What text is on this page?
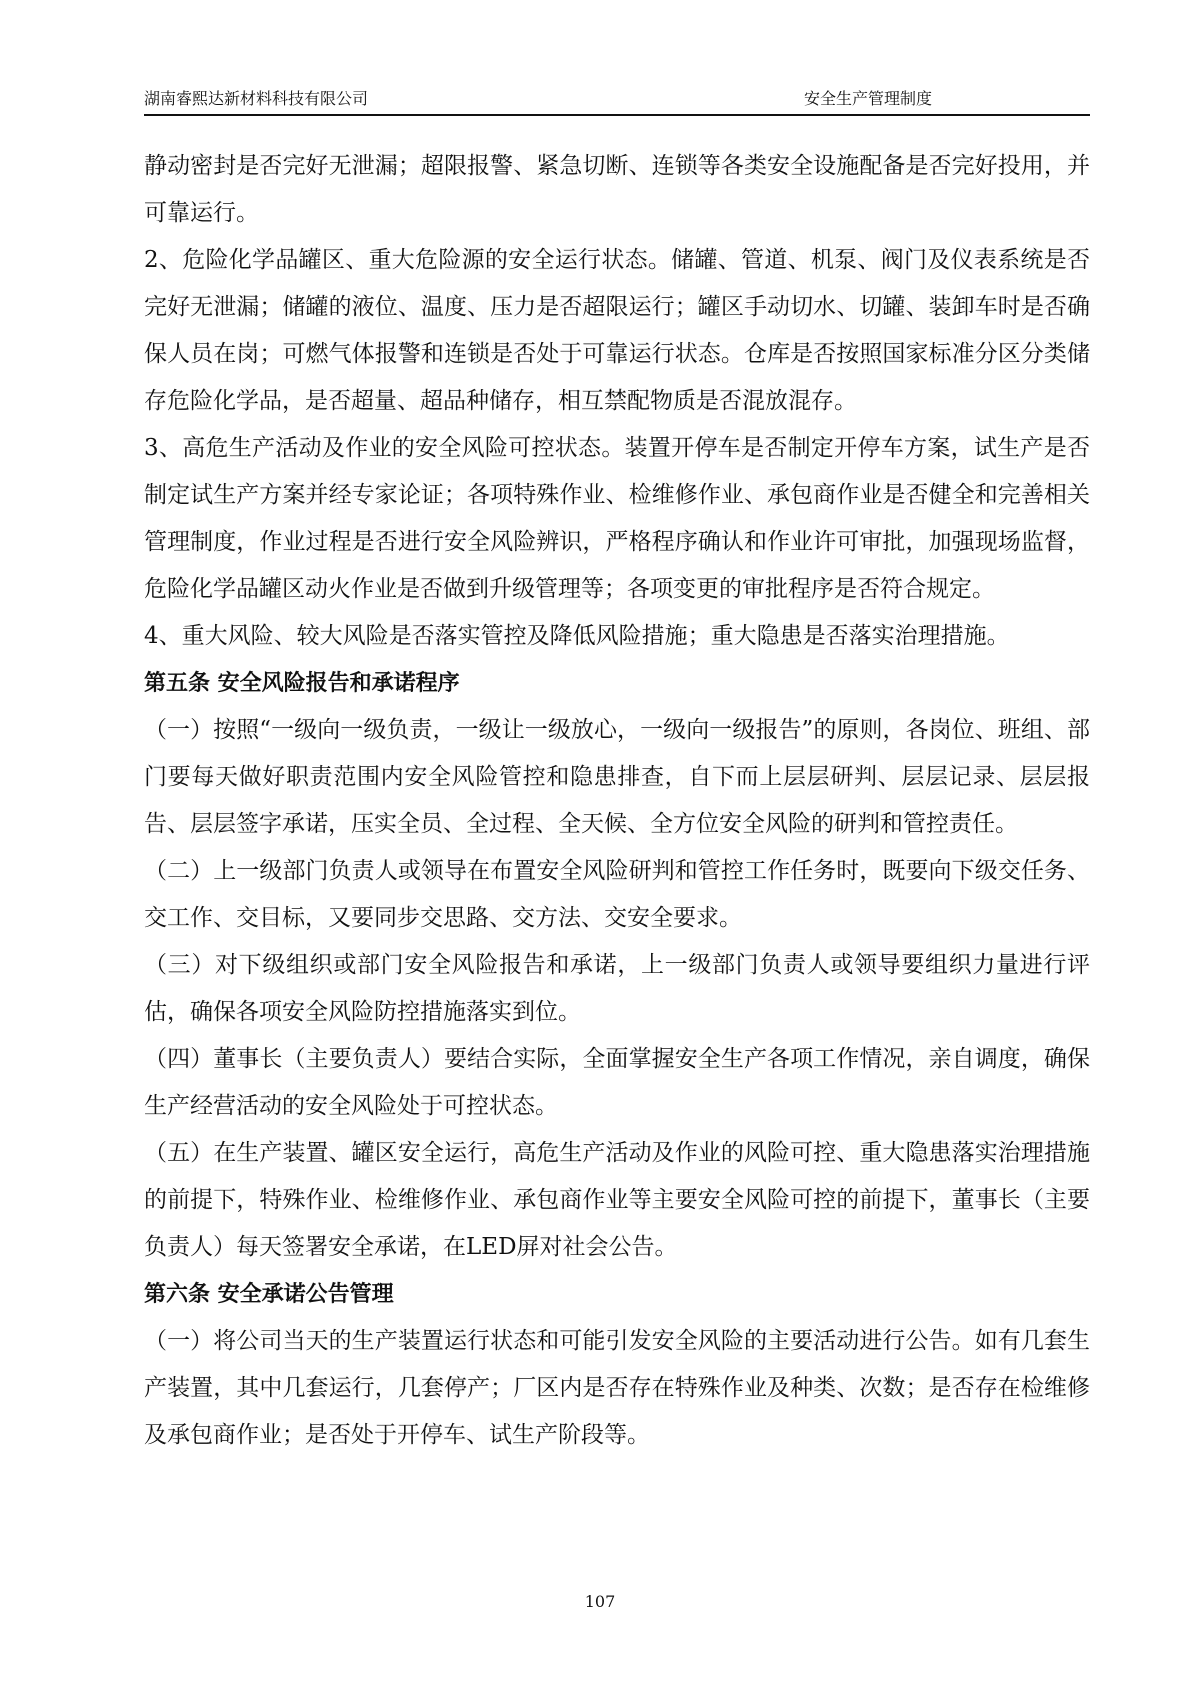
湖南睿熙达新材料科技有限公司	安全生产管理制度

静动密封是否完好无泄漏；超限报警、紧急切断、连锁等各类安全设施配备是否完好投用，并可靠运行。

2、危险化学品罐区、重大危险源的安全运行状态。储罐、管道、机泵、阀门及仪表系统是否完好无泄漏；储罐的液位、温度、压力是否超限运行；罐区手动切水、切罐、装卸车时是否确保人员在岗；可燃气体报警和连锁是否处于可靠运行状态。仓库是否按照国家标准分区分类储存危险化学品，是否超量、超品种储存，相互禁配物质是否混放混存。

3、高危生产活动及作业的安全风险可控状态。装置开停车是否制定开停车方案，试生产是否制定试生产方案并经专家论证；各项特殊作业、检维修作业、承包商作业是否健全和完善相关管理制度，作业过程是否进行安全风险辨识，严格程序确认和作业许可审批，加强现场监督，危险化学品罐区动火作业是否做到升级管理等；各项变更的审批程序是否符合规定。

4、重大风险、较大风险是否落实管控及降低风险措施；重大隐患是否落实治理措施。

第五条 安全风险报告和承诺程序

（一）按照“一级向一级负责，一级让一级放心，一级向一级报告”的原则，各岗位、班组、部门要每天做好职责范围内安全风险管控和隐患排查，自下而上层层研判、层层记录、层层报告、层层签字承诺，压实全员、全过程、全天候、全方位安全风险的研判和管控责任。

（二）上一级部门负责人或领导在布置安全风险研判和管控工作任务时，既要向下级交任务、交工作、交目标，又要同步交思路、交方法、交安全要求。

（三）对下级组织或部门安全风险报告和承诺，上一级部门负责人或领导要组织力量进行评估，确保各项安全风险防控措施落实到位。

（四）董事长（主要负责人）要结合实际，全面掌握安全生产各项工作情况，亲自调度，确保生产经营活动的安全风险处于可控状态。

（五）在生产装置、罐区安全运行，高危生产活动及作业的风险可控、重大隐患落实治理措施的前提下，特殊作业、检维修作业、承包商作业等主要安全风险可控的前提下，董事长（主要负责人）每天签署安全承诺，在LED屏对社会公告。

第六条 安全承诺公告管理

（一）将公司当天的生产装置运行状态和可能引发安全风险的主要活动进行公告。如有几套生产装置，其中几套运行，几套停产；厂区内是否存在特殊作业及种类、次数；是否存在检维修及承包商作业；是否处于开停车、试生产阶段等。

107
